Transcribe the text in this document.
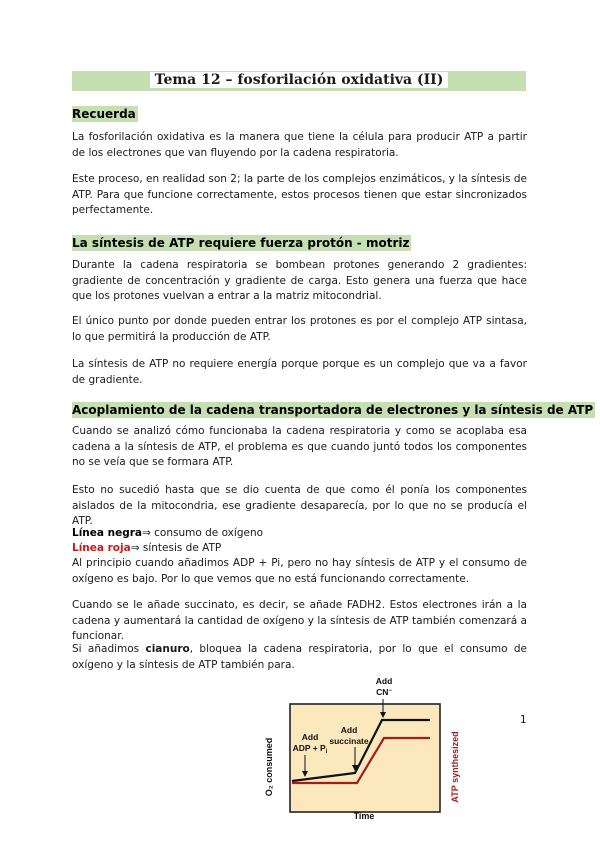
Tema 12 – fosforilación oxidativa (II)
Recuerda
La fosforilación oxidativa es la manera que tiene la célula para producir ATP a partir de los electrones que van fluyendo por la cadena respiratoria.
Este proceso, en realidad son 2; la parte de los complejos enzimáticos, y la síntesis de ATP. Para que funcione correctamente, estos procesos tienen que estar sincronizados perfectamente.
La síntesis de ATP requiere fuerza protón - motriz
Durante la cadena respiratoria se bombean protones generando 2 gradientes: gradiente de concentración y gradiente de carga. Esto genera una fuerza que hace que los protones vuelvan a entrar a la matriz mitocondrial.
El único punto por donde pueden entrar los protones es por el complejo ATP sintasa, lo que permitirá la producción de ATP.
La síntesis de ATP no requiere energía porque porque es un complejo que va a favor de gradiente.
Acoplamiento de la cadena transportadora de electrones y la síntesis de ATP
Cuando se analizó cómo funcionaba la cadena respiratoria y como se acoplaba esa cadena a la síntesis de ATP, el problema es que cuando juntó todos los componentes no se veía que se formara ATP.
Esto no sucedió hasta que se dio cuenta de que como él ponía los componentes aislados de la mitocondria, ese gradiente desaparecía, por lo que no se producía el ATP.
Línea negra⇒ consumo de oxígeno
Línea roja⇒ síntesis de ATP
Al principio cuando añadimos ADP + Pi, pero no hay síntesis de ATP y el consumo de oxígeno es bajo. Por lo que vemos que no está funcionando correctamente.
Cuando se le añade succinato, es decir, se añade FADH2. Estos electrones irán a la cadena y aumentará la cantidad de oxígeno y la síntesis de ATP también comenzará a funcionar.
Si añadimos cianuro, bloquea la cadena respiratoria, por lo que el consumo de oxígeno y la síntesis de ATP también para.
O₂ consumed	ATP synthesized
Time
Add
ADP + $P_i$
Add
succinate
Add
CN−
1
